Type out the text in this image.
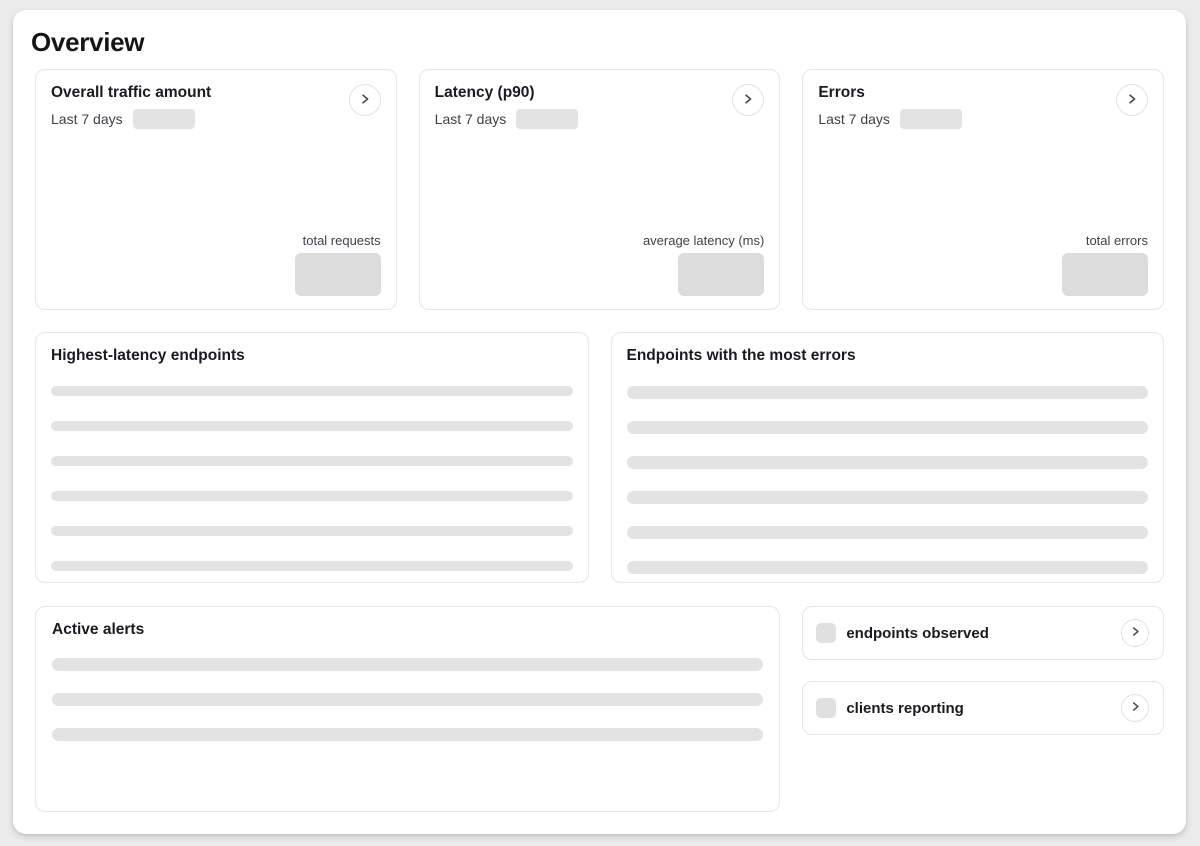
Overview
Overall traffic amount
Last 7 days
total requests
Latency (p90)
Last 7 days
average latency (ms)
Errors
Last 7 days
total errors
Highest-latency endpoints	Endpoints with the most errors
Active alerts	endpoints observed
clients reporting
